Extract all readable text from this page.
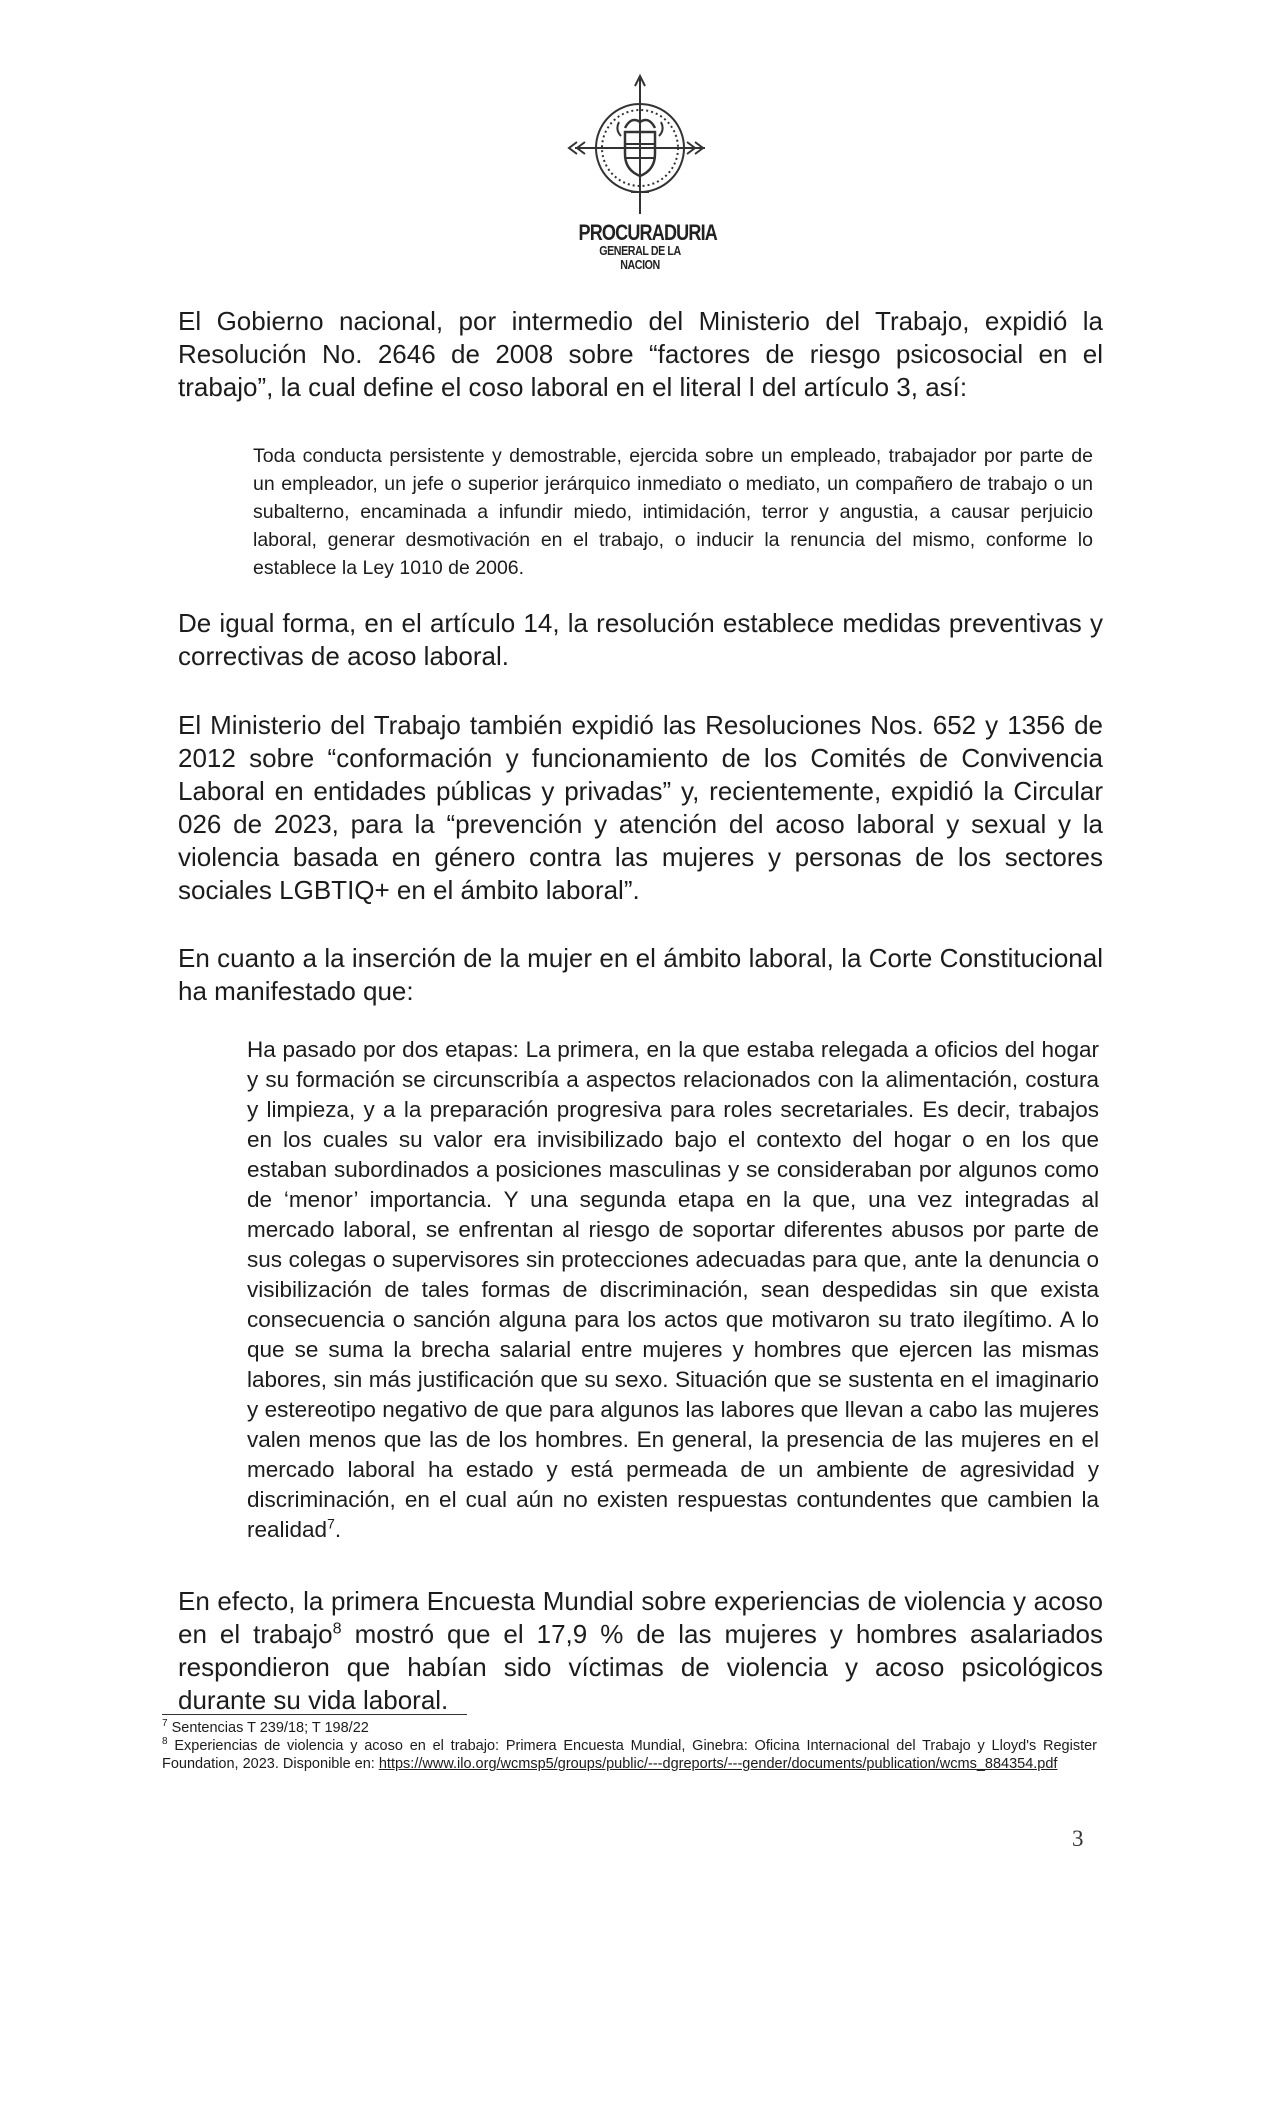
PROCURADURIA
GENERAL DE LA NACION

El Gobierno nacional, por intermedio del Ministerio del Trabajo, expidió la Resolución No. 2646 de 2008 sobre “factores de riesgo psicosocial en el trabajo”, la cual define el coso laboral en el literal l del artículo 3, así:

Toda conducta persistente y demostrable, ejercida sobre un empleado, trabajador por parte de un empleador, un jefe o superior jerárquico inmediato o mediato, un compañero de trabajo o un subalterno, encaminada a infundir miedo, intimidación, terror y angustia, a causar perjuicio laboral, generar desmotivación en el trabajo, o inducir la renuncia del mismo, conforme lo establece la Ley 1010 de 2006.

De igual forma, en el artículo 14, la resolución establece medidas preventivas y correctivas de acoso laboral.

El Ministerio del Trabajo también expidió las Resoluciones Nos. 652 y 1356 de 2012 sobre “conformación y funcionamiento de los Comités de Convivencia Laboral en entidades públicas y privadas” y, recientemente, expidió la Circular 026 de 2023, para la “prevención y atención del acoso laboral y sexual y la violencia basada en género contra las mujeres y personas de los sectores sociales LGBTIQ+ en el ámbito laboral”.

En cuanto a la inserción de la mujer en el ámbito laboral, la Corte Constitucional ha manifestado que:

Ha pasado por dos etapas: La primera, en la que estaba relegada a oficios del hogar y su formación se circunscribía a aspectos relacionados con la alimentación, costura y limpieza, y a la preparación progresiva para roles secretariales. Es decir, trabajos en los cuales su valor era invisibilizado bajo el contexto del hogar o en los que estaban subordinados a posiciones masculinas y se consideraban por algunos como de ‘menor’ importancia. Y una segunda etapa en la que, una vez integradas al mercado laboral, se enfrentan al riesgo de soportar diferentes abusos por parte de sus colegas o supervisores sin protecciones adecuadas para que, ante la denuncia o visibilización de tales formas de discriminación, sean despedidas sin que exista consecuencia o sanción alguna para los actos que motivaron su trato ilegítimo. A lo que se suma la brecha salarial entre mujeres y hombres que ejercen las mismas labores, sin más justificación que su sexo. Situación que se sustenta en el imaginario y estereotipo negativo de que para algunos las labores que llevan a cabo las mujeres valen menos que las de los hombres. En general, la presencia de las mujeres en el mercado laboral ha estado y está permeada de un ambiente de agresividad y discriminación, en el cual aún no existen respuestas contundentes que cambien la realidad$^7$.

En efecto, la primera Encuesta Mundial sobre experiencias de violencia y acoso en el trabajo$^8$ mostró que el 17,9 % de las mujeres y hombres asalariados respondieron que habían sido víctimas de violencia y acoso psicológicos durante su vida laboral.

$^7$ Sentencias T 239/18; T 198/22

$^8$ Experiencias de violencia y acoso en el trabajo: Primera Encuesta Mundial, Ginebra: Oficina Internacional del Trabajo y Lloyd's Register Foundation, 2023. Disponible en: https://www.ilo.org/wcmsp5/groups/public/---dgreports/---gender/documents/publication/wcms_884354.pdf

3
